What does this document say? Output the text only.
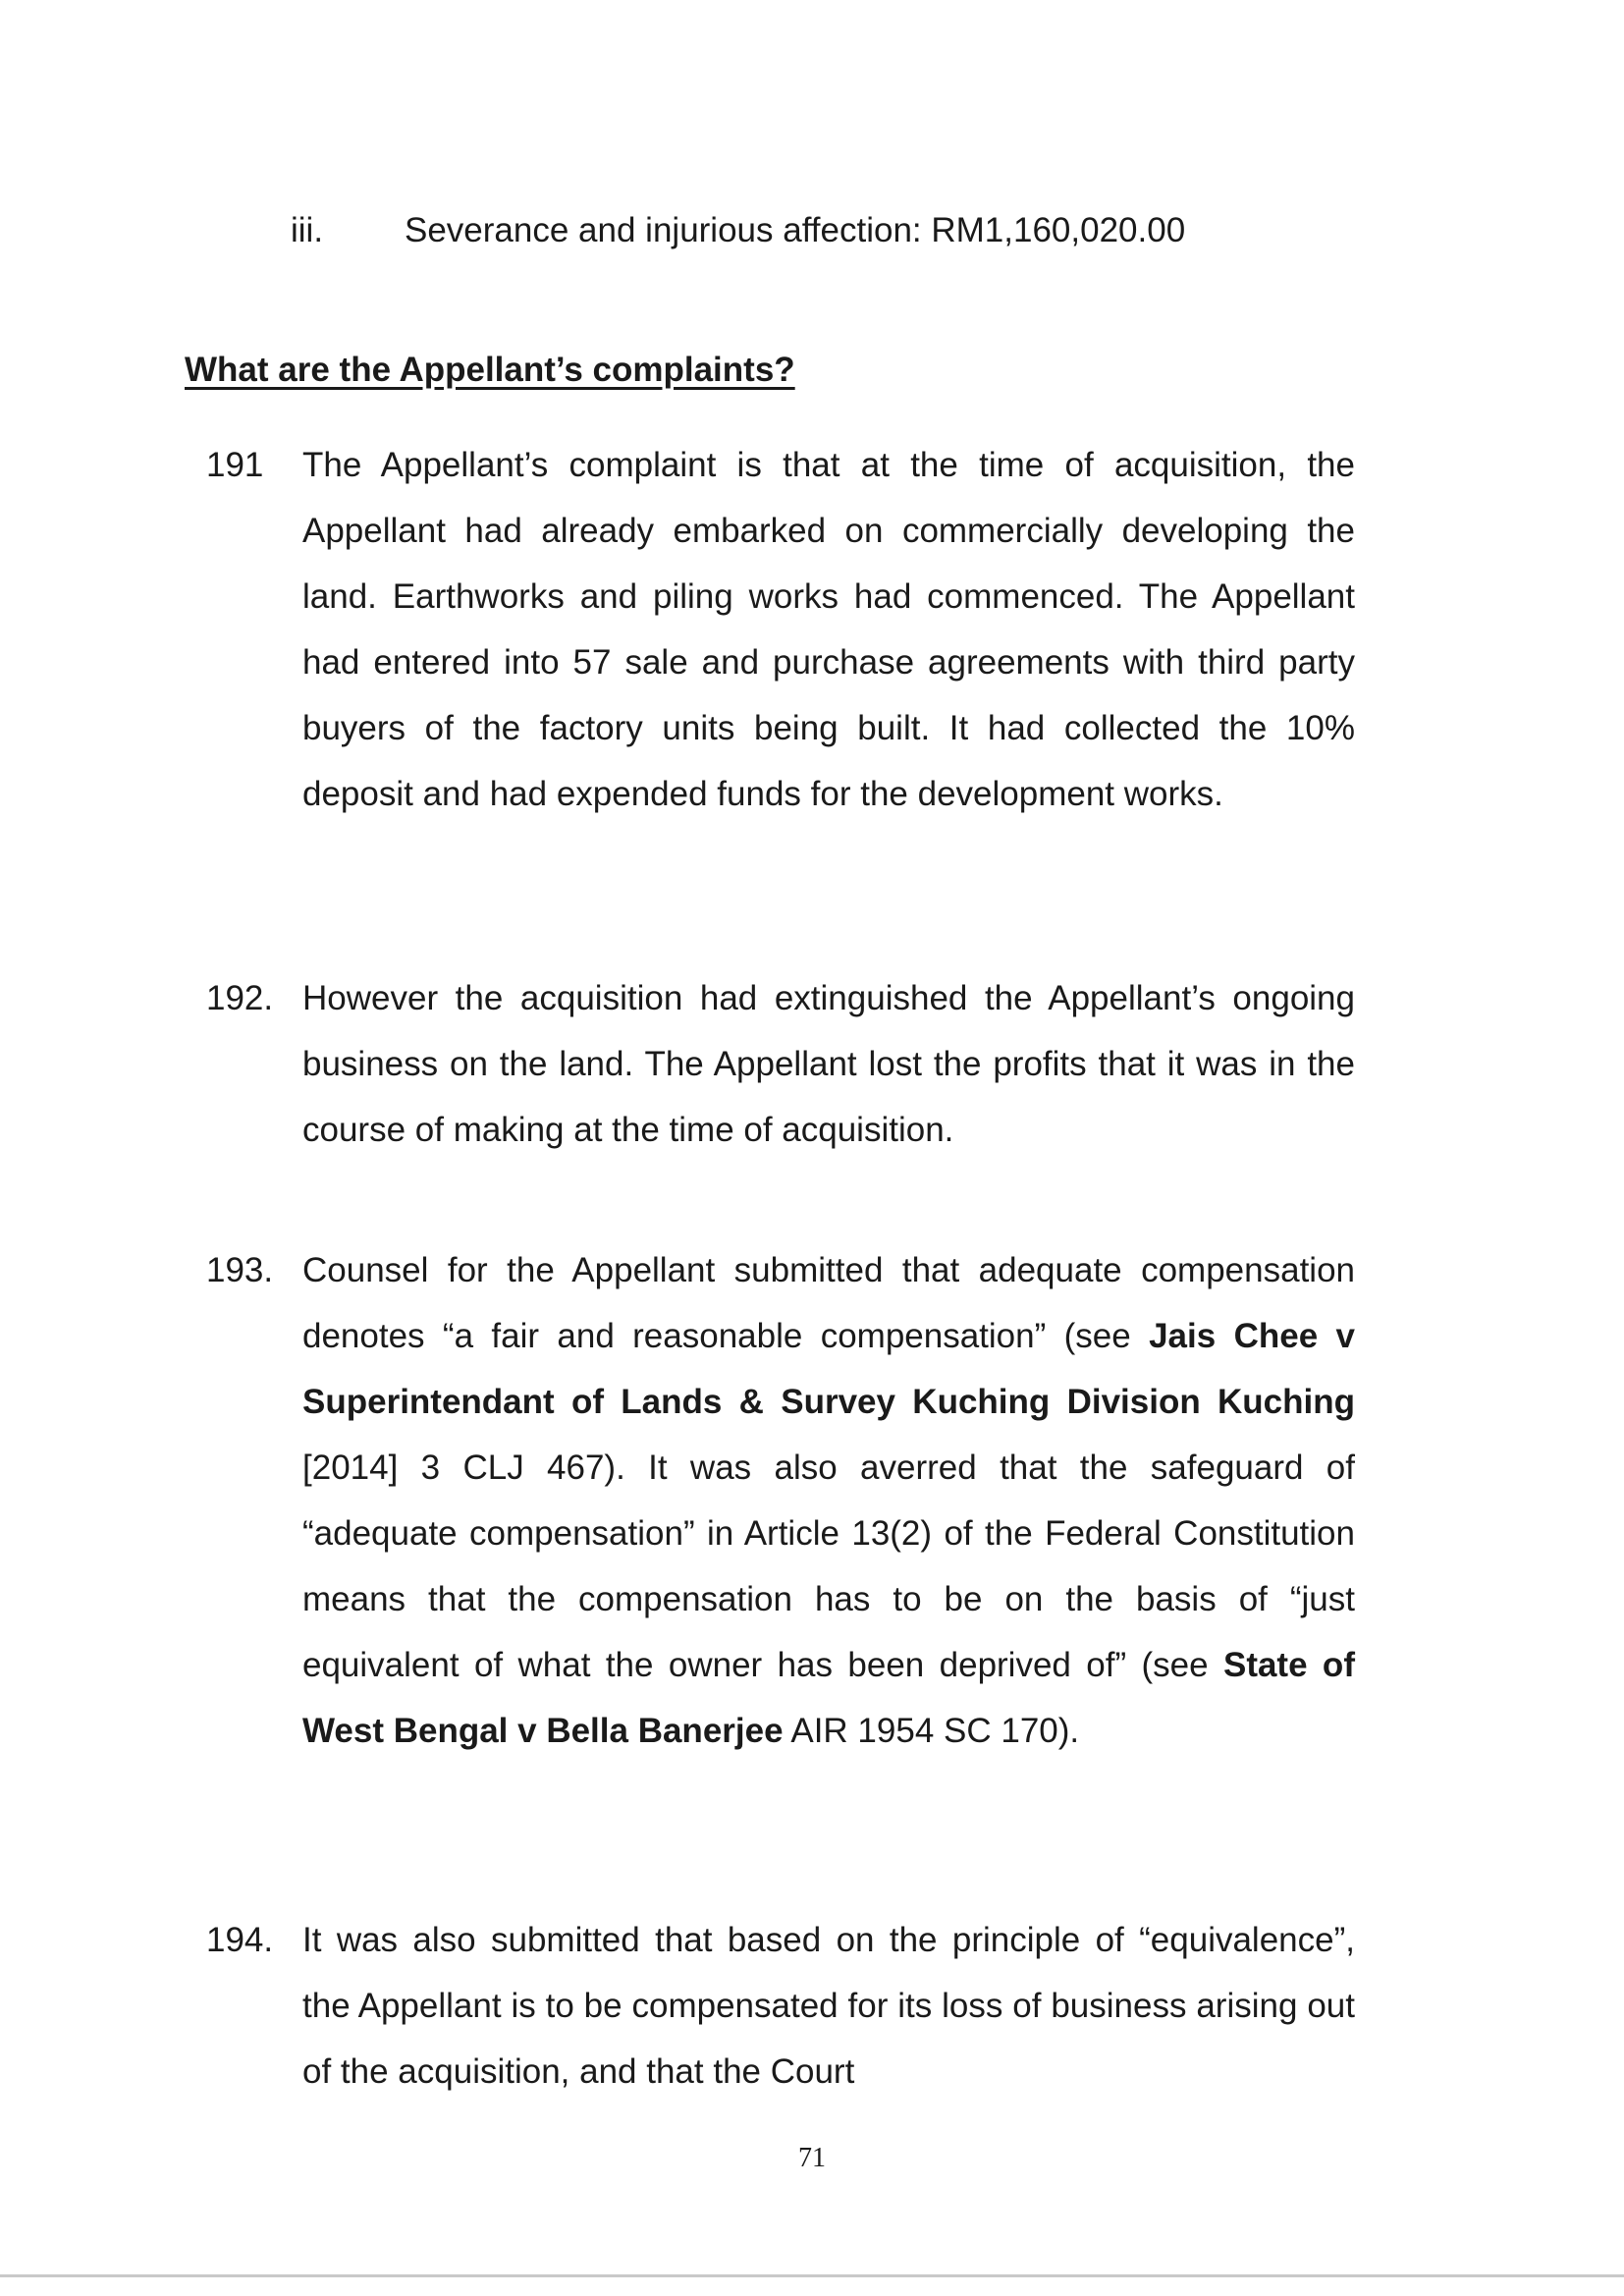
iii. Severance and injurious affection: RM1,160,020.00
What are the Appellant’s complaints?
191 The Appellant’s complaint is that at the time of acquisition, the Appellant had already embarked on commercially developing the land. Earthworks and piling works had commenced. The Appellant had entered into 57 sale and purchase agreements with third party buyers of the factory units being built. It had collected the 10% deposit and had expended funds for the development works.
192. However the acquisition had extinguished the Appellant’s ongoing business on the land. The Appellant lost the profits that it was in the course of making at the time of acquisition.
193. Counsel for the Appellant submitted that adequate compensation denotes “a fair and reasonable compensation” (see Jais Chee v Superintendant of Lands & Survey Kuching Division Kuching [2014] 3 CLJ 467). It was also averred that the safeguard of “adequate compensation” in Article 13(2) of the Federal Constitution means that the compensation has to be on the basis of “just equivalent of what the owner has been deprived of” (see State of West Bengal v Bella Banerjee AIR 1954 SC 170).
194. It was also submitted that based on the principle of “equivalence”, the Appellant is to be compensated for its loss of business arising out of the acquisition, and that the Court
71
